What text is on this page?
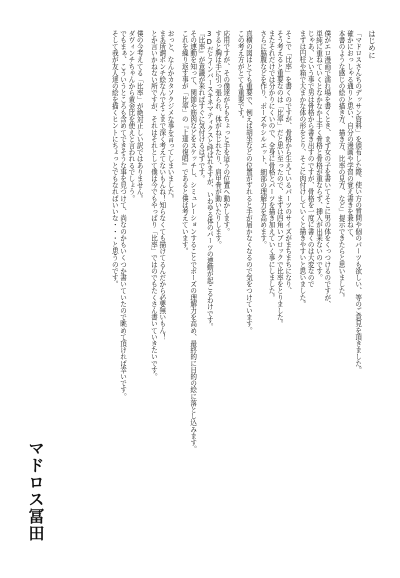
はじめに
「マドロスさんちのデッサン資料」を頒布した際、使い方の質問や個のパーツも欲しい、等のご意見を頂きました。
確かにおっしゃる通りと思い、自分の漫画や学習の覚え書きを兼ねて、
本書のような感じの絵の描き方、描き方、比率の見方、など」提示できたらと思いました。
僕がエロ漫画で濡れ場を書くとき、まず女の子を書いてそこに男の体をくっつけるのですが、
単純に重ねていくとなかなか上手く骨格と骨格が重ならず、挿入が出来ないのです。
じゃあ、という事で男は骨格から書き出すのですが、骨格を一度に書くのは大変なので
まずは円柱や箱で大まかな体の形をとり、そこに肉付けしていくと描きやすいと思いました。
そこで「比率」を書くのですが、骨格から生えているパーツのサイズがまちまちになり、
そう考えると重要なのは「比率」だと思い至ったので、まずは四角いブロックで比率をとりました。
またそれだけでは分かりにくいので、全身に骨格とパーツを描き加えていく事にしました。
さらに脇腹などを作り、ポーズやシルエット、細部の理解力を高めます。
真横の図はとても重要で、例えば胡坐などの位置がずれると手が届かなくなるので気をつけています。
この考え方がとても重要です。
応用ですが、その僕達がらもちょっと手を這うの位置へ動かします。
すると胸は手に引っ張られ、体がねじれたり、肩甲骨が動いたりします。
3Dだとインバースキネマティクスと呼ばれますが、いわゆる体のパーツの連動が起こるわけです。
『比率』が意識が来ればすぐに気付けるはずです。
その連動を知って、関節や筋肉などをスケッチし、シミュレーションすることでポーズの理解力を高め、最終的に目的の絵に落とし込みます。
これを繰り返す事が「比率」の『上達の復唱』であると僕は考えています。
おっと、なんかカタソクジメな事を言ってしまいました。
まあ所謂ポンチ絵なんでそこまで深く考えてないもんね！知らなくても描けてるんだから必要無いもん！
とか言いかねない所ですが、それはそれとして僕は今でもやっぱり「比率」ではのでもたくさん書いていきたいです。
僕の今考えてる「比率」が絶対正しい訳ではありません。
ダヴィンチちゃんから黄金比を使えと言われるでしょう。
でもまぁ、こういうところも含めてできそうな事を見つけて、尚なのかもいくつか書いていたので眺めて頂ければ幸いです。
そして我が友人達の絵を描くヒントにちょっとでもなればいいな・・・と思うのです。
マドロス冨田
